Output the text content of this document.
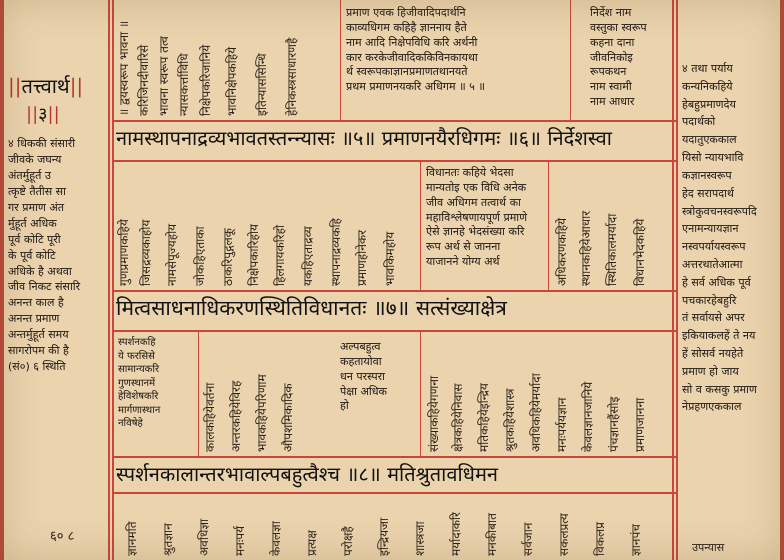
||तत्त्वार्थ||
||३||
४ धिककी संसारी
जीवके जघन्य
अंतर्मुहूर्त उ
त्कृष्टे तैतीस सा
गर प्रमाण अंत
र्मुहूर्त अधिक
पूर्व कोटि पूरी
के पूर्व कोटि
अधिके है अथवा
जीव निकट संसारि
अनन्त काल है
अनन्त प्रमाण
अन्तर्मुहूर्त समय
सागरोपम की है
(सं०) ६ स्थिति
४ तथा पर्याय
कन्यनिकहिये
हेबहुप्रमाणदेय
पदार्थको
यदातुएककाल
यिसो न्यायभावि
कज्ञानस्वरूप
हेद सरापदार्थ
स्त्रोकुवचनस्वरूपदि
एनामन्यायज्ञान
नस्वपर्यायस्वरूप
अत्तरथातेआत्मा
हे सर्व अधिक पूर्व
पचकारहेबहुरि
तं सर्वायसे अपर
इकियाकलहें ते नय
हें सोसर्व नयहेते
प्रमाण हो जाय
सो व कसकु प्रमाण
नेप्रहणएककाल
प्रमाण एवक हिजीवादिपदार्थनि
काव्यधिगम कहिहै ज्ञाननाय हैते
नाम आदि निक्षेपविधि करि अर्थनी
कार करकेजीवादिककिविनकायथा
र्थ स्वरूपकाज्ञानप्रमाणतथानयते
प्रथम प्रमाणनयकरि अधिगम ॥ ५ ॥
निर्देश नाम
वस्तुका स्वरूप
कहना दाना
जीवनिकोइ
रूपकथन
नाम स्वामी
नाम आधार
॥ द्वयस्वरूप भावना ॥ करिजिनदीवारिसे भावना स्वरूप तत्व न्यासकर्त्ताविधि निक्षेपकरिजानिये भावनिक्षेपकहिये इतिन्याससिन्धि हेनिकस्त्रसाधारणहै
गुणप्रमाणकहिये जिसद्रव्यकाहोय नामसेपूज्यहोय जोकहिएताका ठाकरिपुद्गलकू निक्षेपकारिहोय हिलगायकरिहो यकहिएताद्रव्य स्थापनाद्रव्यकहि प्रमाणहोनेकर भावकिमहोय
विधानतः कहिये भेदसा
मान्यतोइ एक विधि अनेक
जीव अधिगम तत्वार्थ का
महाविश्लेषणायपूर्ण प्रमाणे
ऐसे ज्ञानहे भेदसंख्या करि
रूप अर्थ से जानना
याजानने योग्य अर्थ	अधिकरणकहिये स्थानकहियेआधार स्थितिकालमर्यादा विधानभेदकहिये
स्पर्शनकहि
ये फरसिसे
सामान्यकरि
गुणस्थानमें
हेविशेषकरि
मार्गणास्थान
नविषेहे	कालकहियेवर्तना अन्तरकहियेविरह भावकहियेपरिणाम औपशमिकादिक
अल्पबहुत्व
कहतायोवा
धन परस्परा
पेक्षा अधिक
हो	संख्याकहियेगणना क्षेत्रकहियेनिवास मतिकहियेइन्द्रिय श्रुतकहियेशास्त्र अवधिकहियेमर्यादा मनःपर्ययज्ञान केवलज्ञानजानिये पंचज्ञानहैंसोइ प्रमाणजानना
ज्ञानमति श्रुतज्ञान अवधिज्ञा मनःपर्य केवलज्ञा प्रत्यक्ष परोक्षहै इन्द्रियजा शास्त्रजा मर्यादाकरि मनकीबात सर्वजान सकलप्रत्य विकलप्र ज्ञानपंच
नामस्थापनाद्रव्यभावतस्तन्न्यासः ॥५॥ प्रमाणनयैरधिगमः ॥६॥ निर्देशस्वा
मित्वसाधनाधिकरणस्थितिविधानतः ॥७॥ सत्संख्याक्षेत्र
स्पर्शनकालान्तरभावाल्पबहुत्वैश्च ॥८॥ मतिश्रुतावधिमन
६० ८
उपन्यास
